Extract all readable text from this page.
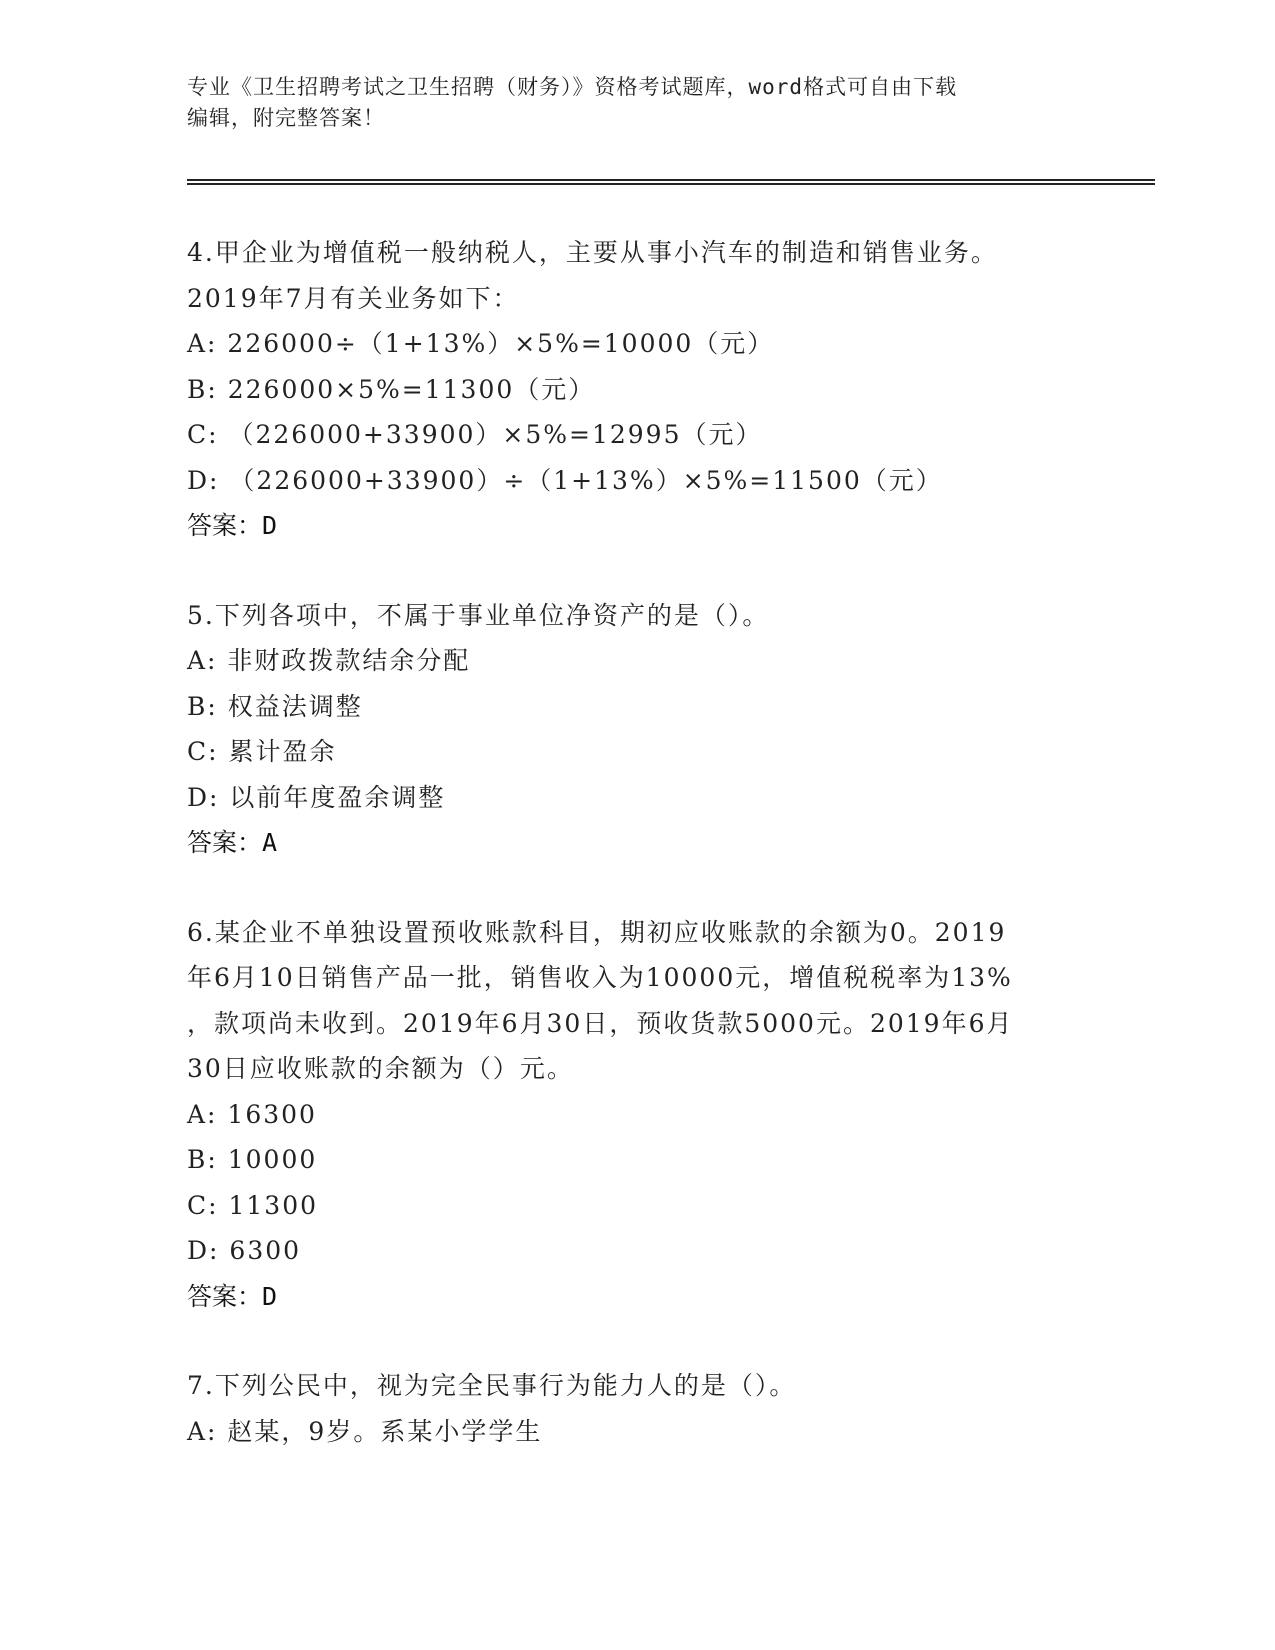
专业《卫生招聘考试之卫生招聘（财务）》资格考试题库，word格式可自由下载
编辑，附完整答案！
4.甲企业为增值税一般纳税人，主要从事小汽车的制造和销售业务。
2019年7月有关业务如下：
A: 226000÷（1+13%）×5%=10000（元）
B: 226000×5%=11300（元）
C: （226000+33900）×5%=12995（元）
D: （226000+33900）÷（1+13%）×5%=11500（元）
答案：D
5.下列各项中，不属于事业单位净资产的是（）。
A: 非财政拨款结余分配
B: 权益法调整
C: 累计盈余
D: 以前年度盈余调整
答案：A
6.某企业不单独设置预收账款科目，期初应收账款的余额为0。2019
年6月10日销售产品一批，销售收入为10000元，增值税税率为13%
，款项尚未收到。2019年6月30日，预收货款5000元。2019年6月
30日应收账款的余额为（）元。
A: 16300
B: 10000
C: 11300
D: 6300
答案：D
7.下列公民中，视为完全民事行为能力人的是（）。
A: 赵某，9岁。系某小学学生
